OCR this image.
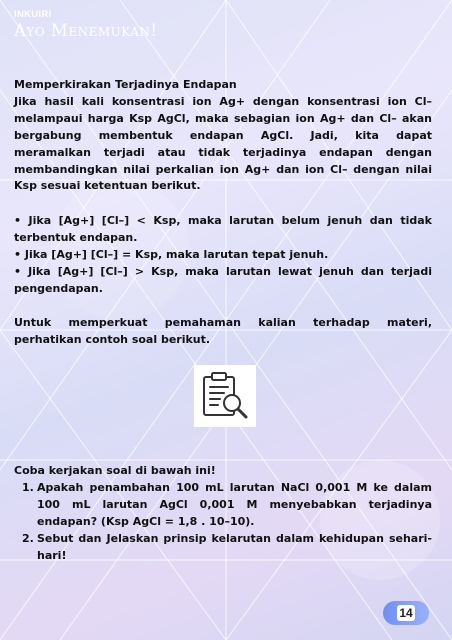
INKUIRI
Ayo Menemukan!

Memperkirakan Terjadinya Endapan

Jika hasil kali konsentrasi ion Ag+ dengan konsentrasi ion Cl– melampaui harga Ksp AgCl, maka sebagian ion Ag+ dan Cl– akan bergabung membentuk endapan AgCl. Jadi, kita dapat meramalkan terjadi atau tidak terjadinya endapan dengan membandingkan nilai perkalian ion Ag+ dan ion Cl– dengan nilai Ksp sesuai ketentuan berikut.

• Jika [Ag+] [Cl–] < Ksp, maka larutan belum jenuh dan tidak terbentuk endapan.

• Jika [Ag+] [Cl–] = Ksp, maka larutan tepat jenuh.

• Jika [Ag+] [Cl–] > Ksp, maka larutan lewat jenuh dan terjadi pengendapan.

Untuk memperkuat pemahaman kalian terhadap materi, perhatikan contoh soal berikut.

Coba kerjakan soal di bawah ini!

1. Apakah penambahan 100 mL larutan NaCl 0,001 M ke dalam 100 mL larutan AgCl 0,001 M menyebabkan terjadinya endapan? (Ksp AgCl = 1,8 . 10–10).
2. Sebut dan Jelaskan prinsip kelarutan dalam kehidupan sehari-hari!
14
